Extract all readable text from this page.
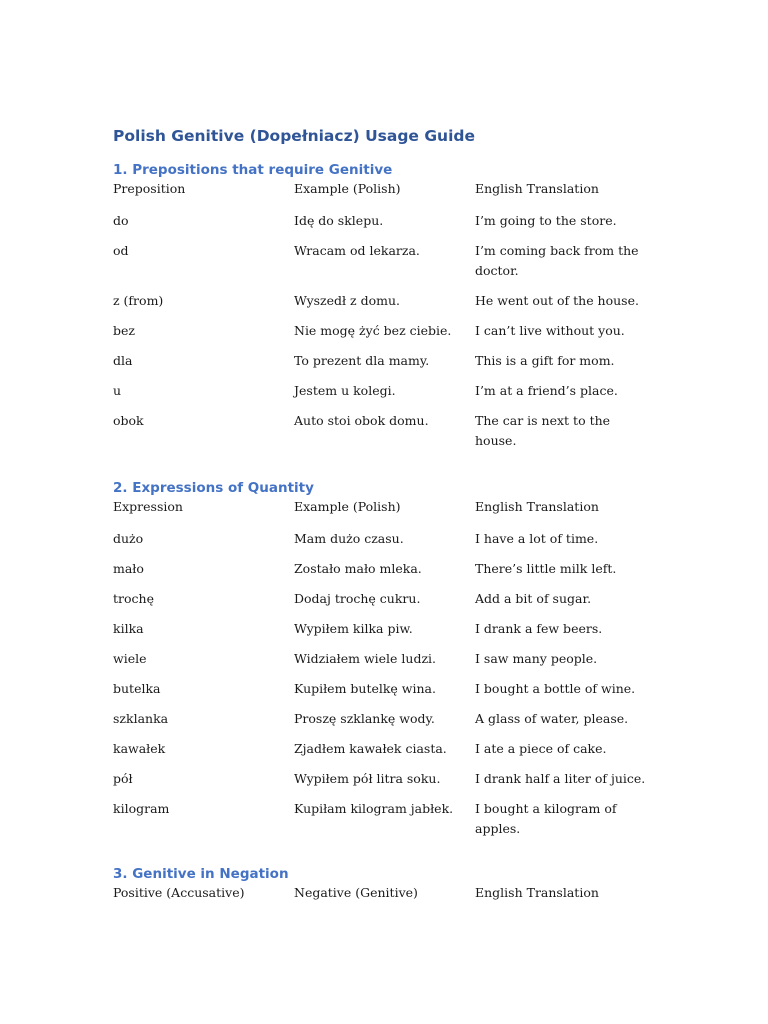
Polish Genitive (Dopełniacz) Usage Guide
1. Prepositions that require Genitive
Preposition	Example (Polish)	English Translation
do	Idę do sklepu.	I’m going to the store.
od	Wracam od lekarza.	I’m coming back from the doctor.
z (from)	Wyszedł z domu.	He went out of the house.
bez	Nie mogę żyć bez ciebie.	I can’t live without you.
dla	To prezent dla mamy.	This is a gift for mom.
u	Jestem u kolegi.	I’m at a friend’s place.
obok	Auto stoi obok domu.	The car is next to the house.
2. Expressions of Quantity
Expression	Example (Polish)	English Translation
dużo	Mam dużo czasu.	I have a lot of time.
mało	Zostało mało mleka.	There’s little milk left.
trochę	Dodaj trochę cukru.	Add a bit of sugar.
kilka	Wypiłem kilka piw.	I drank a few beers.
wiele	Widziałem wiele ludzi.	I saw many people.
butelka	Kupiłem butelkę wina.	I bought a bottle of wine.
szklanka	Proszę szklankę wody.	A glass of water, please.
kawałek	Zjadłem kawałek ciasta.	I ate a piece of cake.
pół	Wypiłem pół litra soku.	I drank half a liter of juice.
kilogram	Kupiłam kilogram jabłek.	I bought a kilogram of apples.
3. Genitive in Negation
Positive (Accusative)	Negative (Genitive)	English Translation
